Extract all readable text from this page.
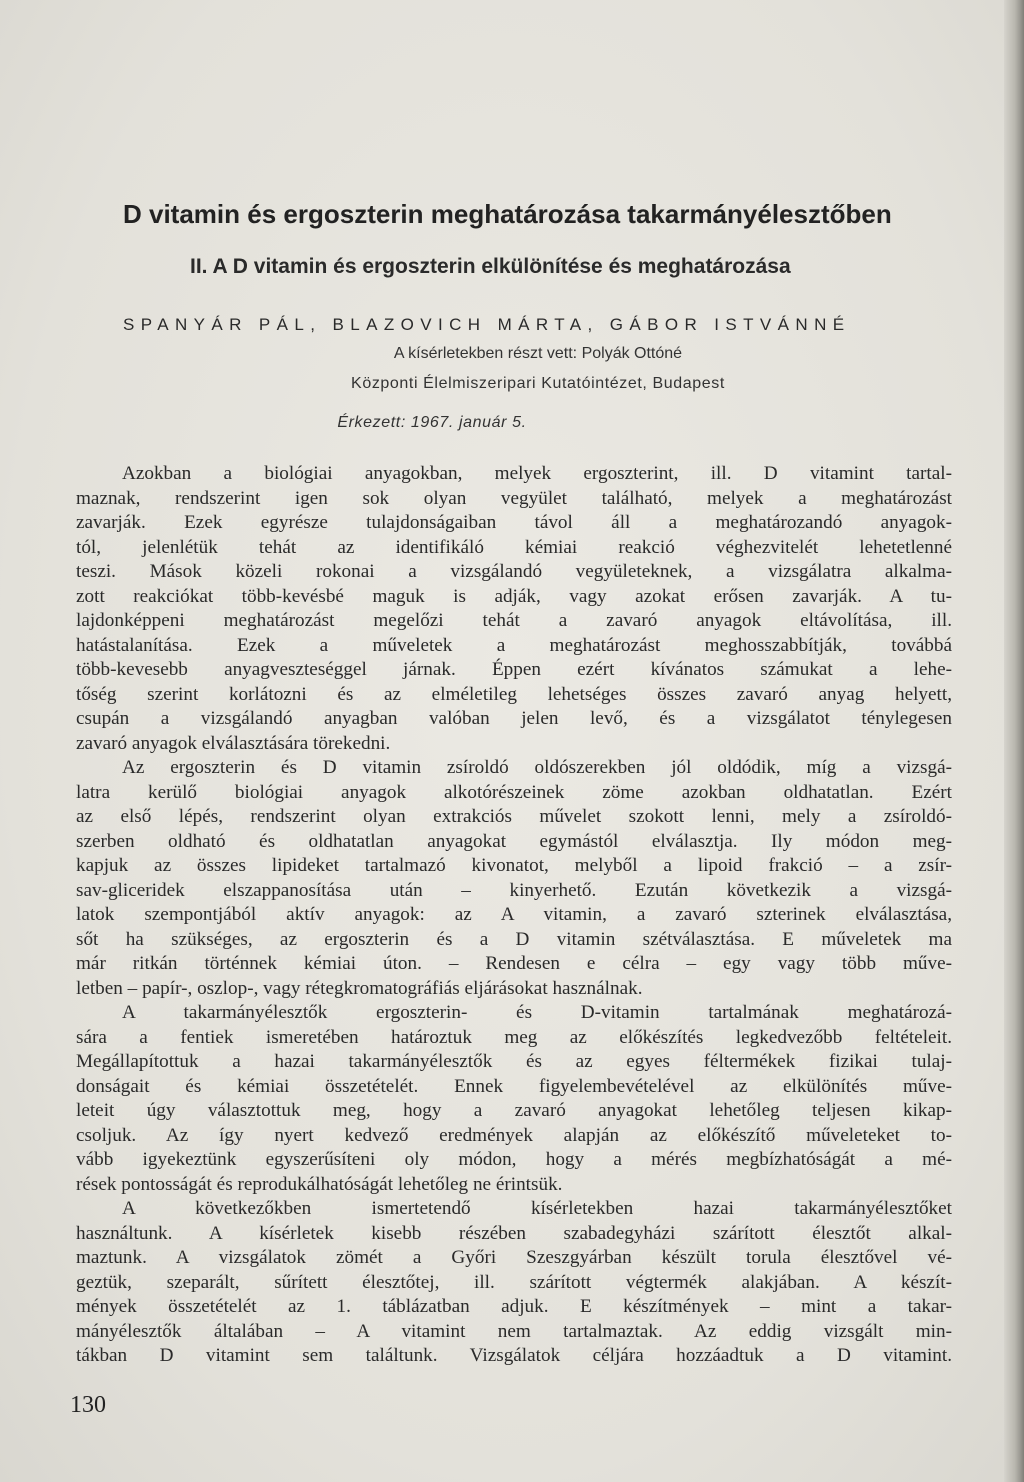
D vitamin és ergoszterin meghatározása takarmányélesztőben
II. A D vitamin és ergoszterin elkülönítése és meghatározása
SPANYÁR PÁL, BLAZOVICH MÁRTA, GÁBOR ISTVÁNNÉ
A kísérletekben részt vett: Polyák Ottóné
Központi Élelmiszeripari Kutatóintézet, Budapest
Érkezett: 1967. január 5.
Azokban a biológiai anyagokban, melyek ergoszterint, ill. D vitamint tartal-
maznak, rendszerint igen sok olyan vegyület található, melyek a meghatározást
zavarják. Ezek egyrésze tulajdonságaiban távol áll a meghatározandó anyagok-
tól, jelenlétük tehát az identifikáló kémiai reakció véghezvitelét lehetetlenné
teszi. Mások közeli rokonai a vizsgálandó vegyületeknek, a vizsgálatra alkalma-
zott reakciókat több-kevésbé maguk is adják, vagy azokat erősen zavarják. A tu-
lajdonképpeni meghatározást megelőzi tehát a zavaró anyagok eltávolítása, ill.
hatástalanítása. Ezek a műveletek a meghatározást meghosszabbítják, továbbá
több-kevesebb anyagveszteséggel járnak. Éppen ezért kívánatos számukat a lehe-
tőség szerint korlátozni és az elméletileg lehetséges összes zavaró anyag helyett,
csupán a vizsgálandó anyagban valóban jelen levő, és a vizsgálatot ténylegesen
zavaró anyagok elválasztására törekedni.
Az ergoszterin és D vitamin zsíroldó oldószerekben jól oldódik, míg a vizsgá-
latra kerülő biológiai anyagok alkotórészeinek zöme azokban oldhatatlan. Ezért
az első lépés, rendszerint olyan extrakciós művelet szokott lenni, mely a zsíroldó-
szerben oldható és oldhatatlan anyagokat egymástól elválasztja. Ily módon meg-
kapjuk az összes lipideket tartalmazó kivonatot, melyből a lipoid frakció – a zsír-
sav-gliceridek elszappanosítása után – kinyerhető. Ezután következik a vizsgá-
latok szempontjából aktív anyagok: az A vitamin, a zavaró szterinek elválasztása,
sőt ha szükséges, az ergoszterin és a D vitamin szétválasztása. E műveletek ma
már ritkán történnek kémiai úton. – Rendesen e célra – egy vagy több műve-
letben – papír-, oszlop-, vagy rétegkromatográfiás eljárásokat használnak.
A takarmányélesztők ergoszterin- és D-vitamin tartalmának meghatározá-
sára a fentiek ismeretében határoztuk meg az előkészítés legkedvezőbb feltételeit.
Megállapítottuk a hazai takarmányélesztők és az egyes féltermékek fizikai tulaj-
donságait és kémiai összetételét. Ennek figyelembevételével az elkülönítés műve-
leteit úgy választottuk meg, hogy a zavaró anyagokat lehetőleg teljesen kikap-
csoljuk. Az így nyert kedvező eredmények alapján az előkészítő műveleteket to-
vább igyekeztünk egyszerűsíteni oly módon, hogy a mérés megbízhatóságát a mé-
rések pontosságát és reprodukálhatóságát lehetőleg ne érintsük.
A következőkben ismertetendő kísérletekben hazai takarmányélesztőket
használtunk. A kísérletek kisebb részében szabadegyházi szárított élesztőt alkal-
maztunk. A vizsgálatok zömét a Győri Szeszgyárban készült torula élesztővel vé-
geztük, szeparált, sűrített élesztőtej, ill. szárított végtermék alakjában. A készít-
mények összetételét az 1. táblázatban adjuk. E készítmények – mint a takar-
mányélesztők általában – A vitamint nem tartalmaztak. Az eddig vizsgált min-
tákban D vitamint sem találtunk. Vizsgálatok céljára hozzáadtuk a D vitamint.
130
